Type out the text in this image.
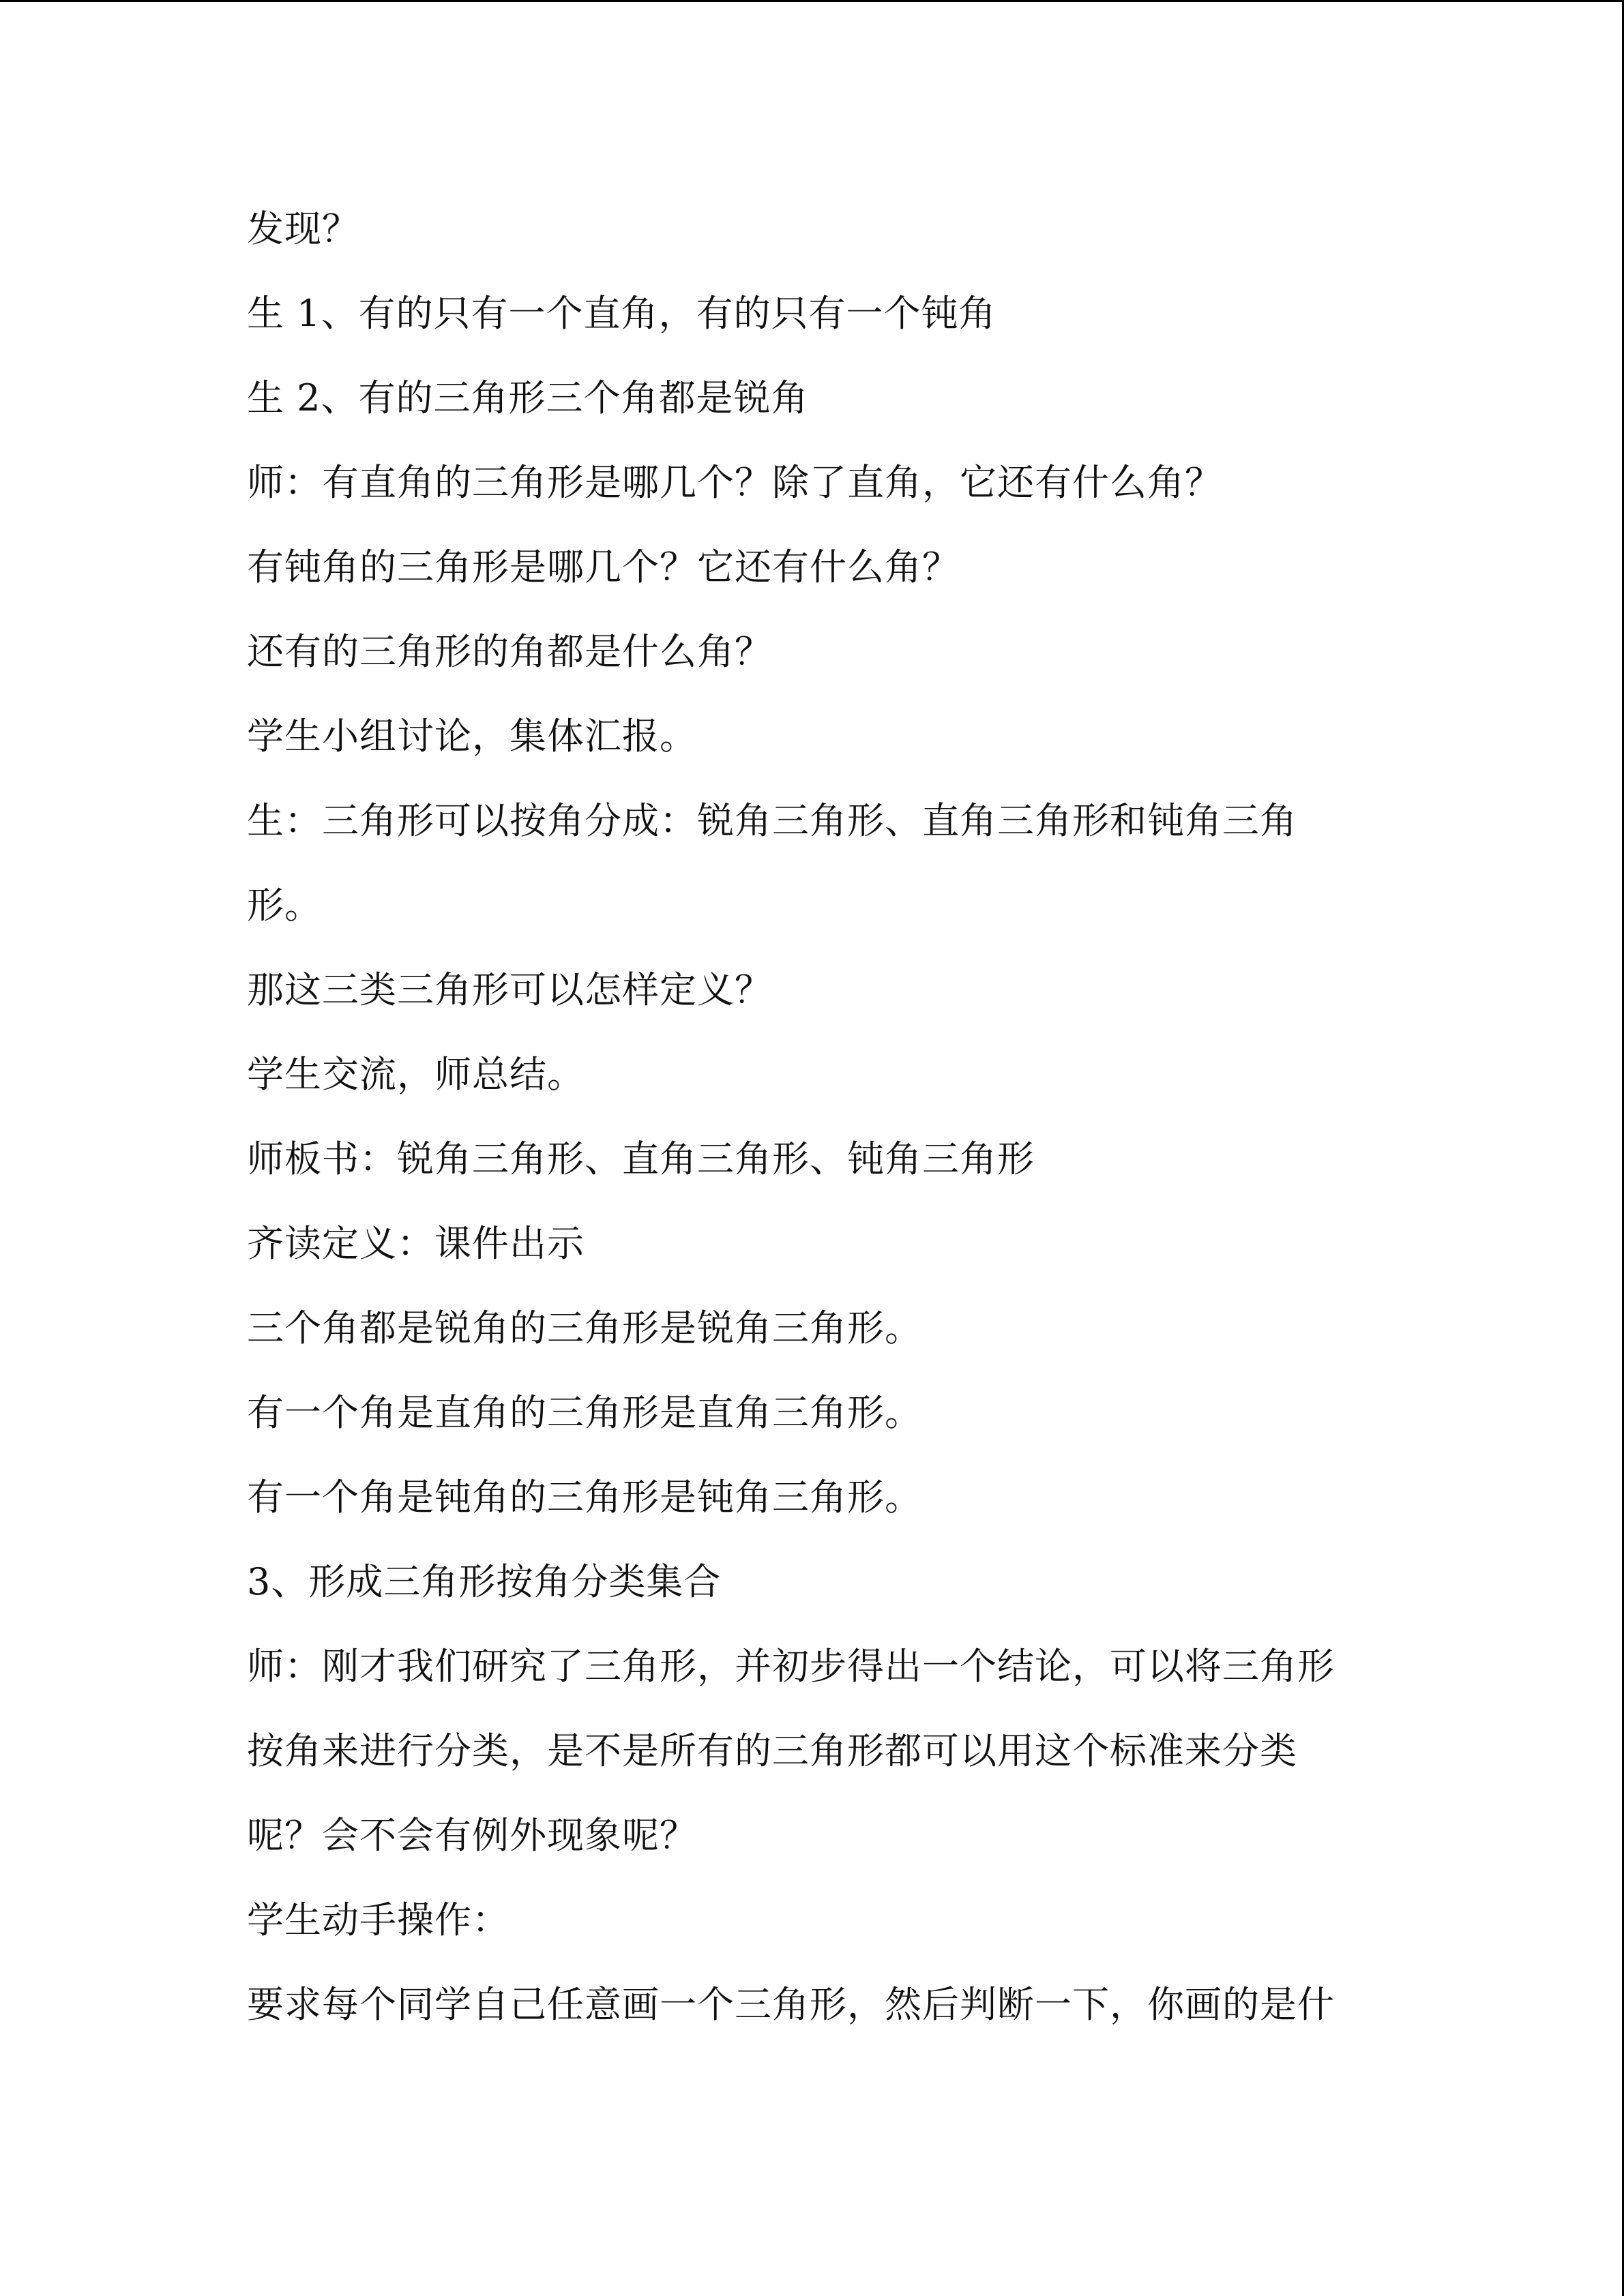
发现？
生 1、有的只有一个直角，有的只有一个钝角
生 2、有的三角形三个角都是锐角
师：有直角的三角形是哪几个？除了直角，它还有什么角？
有钝角的三角形是哪几个？它还有什么角？
还有的三角形的角都是什么角？
学生小组讨论，集体汇报。
生：三角形可以按角分成：锐角三角形、直角三角形和钝角三角
形。
那这三类三角形可以怎样定义？
学生交流，师总结。
师板书：锐角三角形、直角三角形、钝角三角形
齐读定义：课件出示
三个角都是锐角的三角形是锐角三角形。
有一个角是直角的三角形是直角三角形。
有一个角是钝角的三角形是钝角三角形。
3、形成三角形按角分类集合
师：刚才我们研究了三角形，并初步得出一个结论，可以将三角形
按角来进行分类，是不是所有的三角形都可以用这个标准来分类
呢？会不会有例外现象呢？
学生动手操作：
要求每个同学自己任意画一个三角形，然后判断一下，你画的是什
